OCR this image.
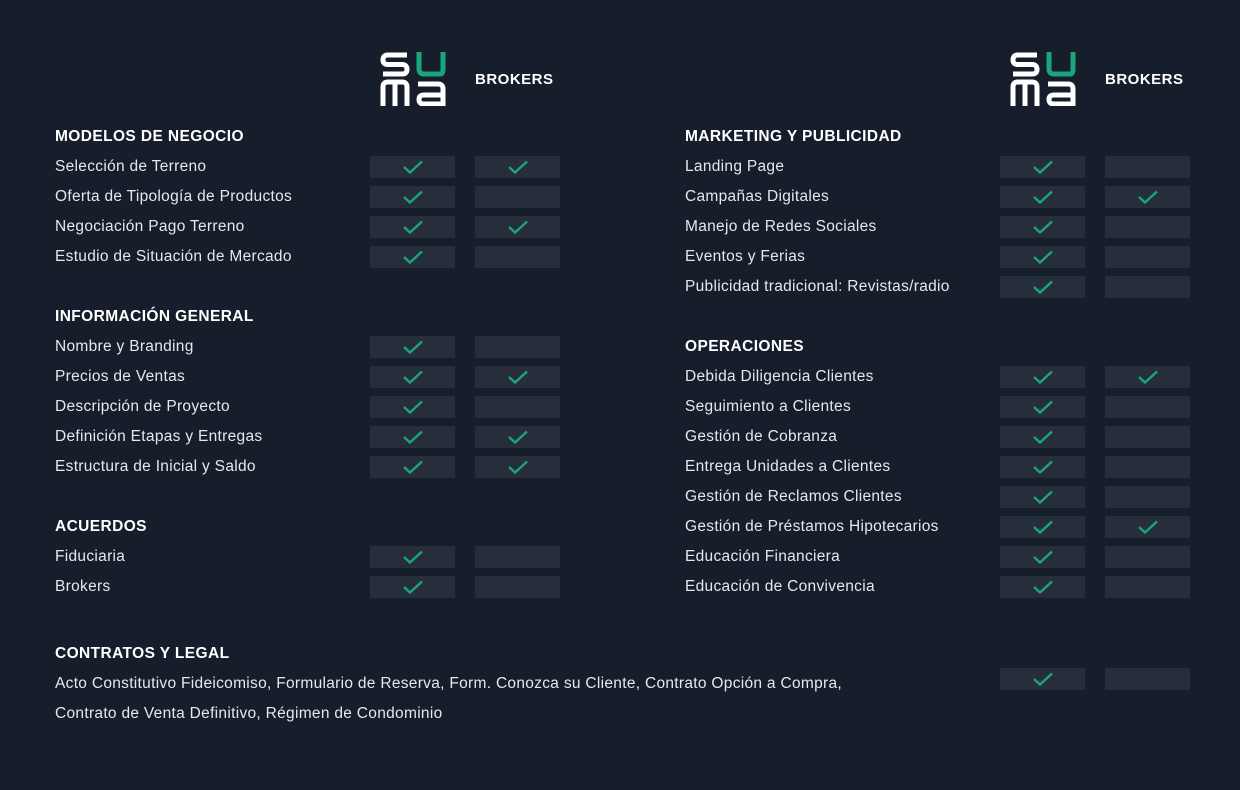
BROKERS	BROKERS
MODELOS DE NEGOCIO
Selección de Terreno
Oferta de Tipología de Productos
Negociación Pago Terreno
Estudio de Situación de Mercado
INFORMACIÓN GENERAL
Nombre y Branding
Precios de Ventas
Descripción de Proyecto
Definición Etapas y Entregas
Estructura de Inicial y Saldo
ACUERDOS
Fiduciaria
Brokers
MARKETING Y PUBLICIDAD
Landing Page
Campañas Digitales
Manejo de Redes Sociales
Eventos y Ferias
Publicidad tradicional: Revistas/radio
OPERACIONES
Debida Diligencia Clientes
Seguimiento a Clientes
Gestión de Cobranza
Entrega Unidades a Clientes
Gestión de Reclamos Clientes
Gestión de Préstamos Hipotecarios
Educación Financiera
Educación de Convivencia
CONTRATOS Y LEGAL
Acto Constitutivo Fideicomiso, Formulario de Reserva, Form. Conozca su Cliente, Contrato Opción a Compra,
Contrato de Venta Definitivo, Régimen de Condominio
